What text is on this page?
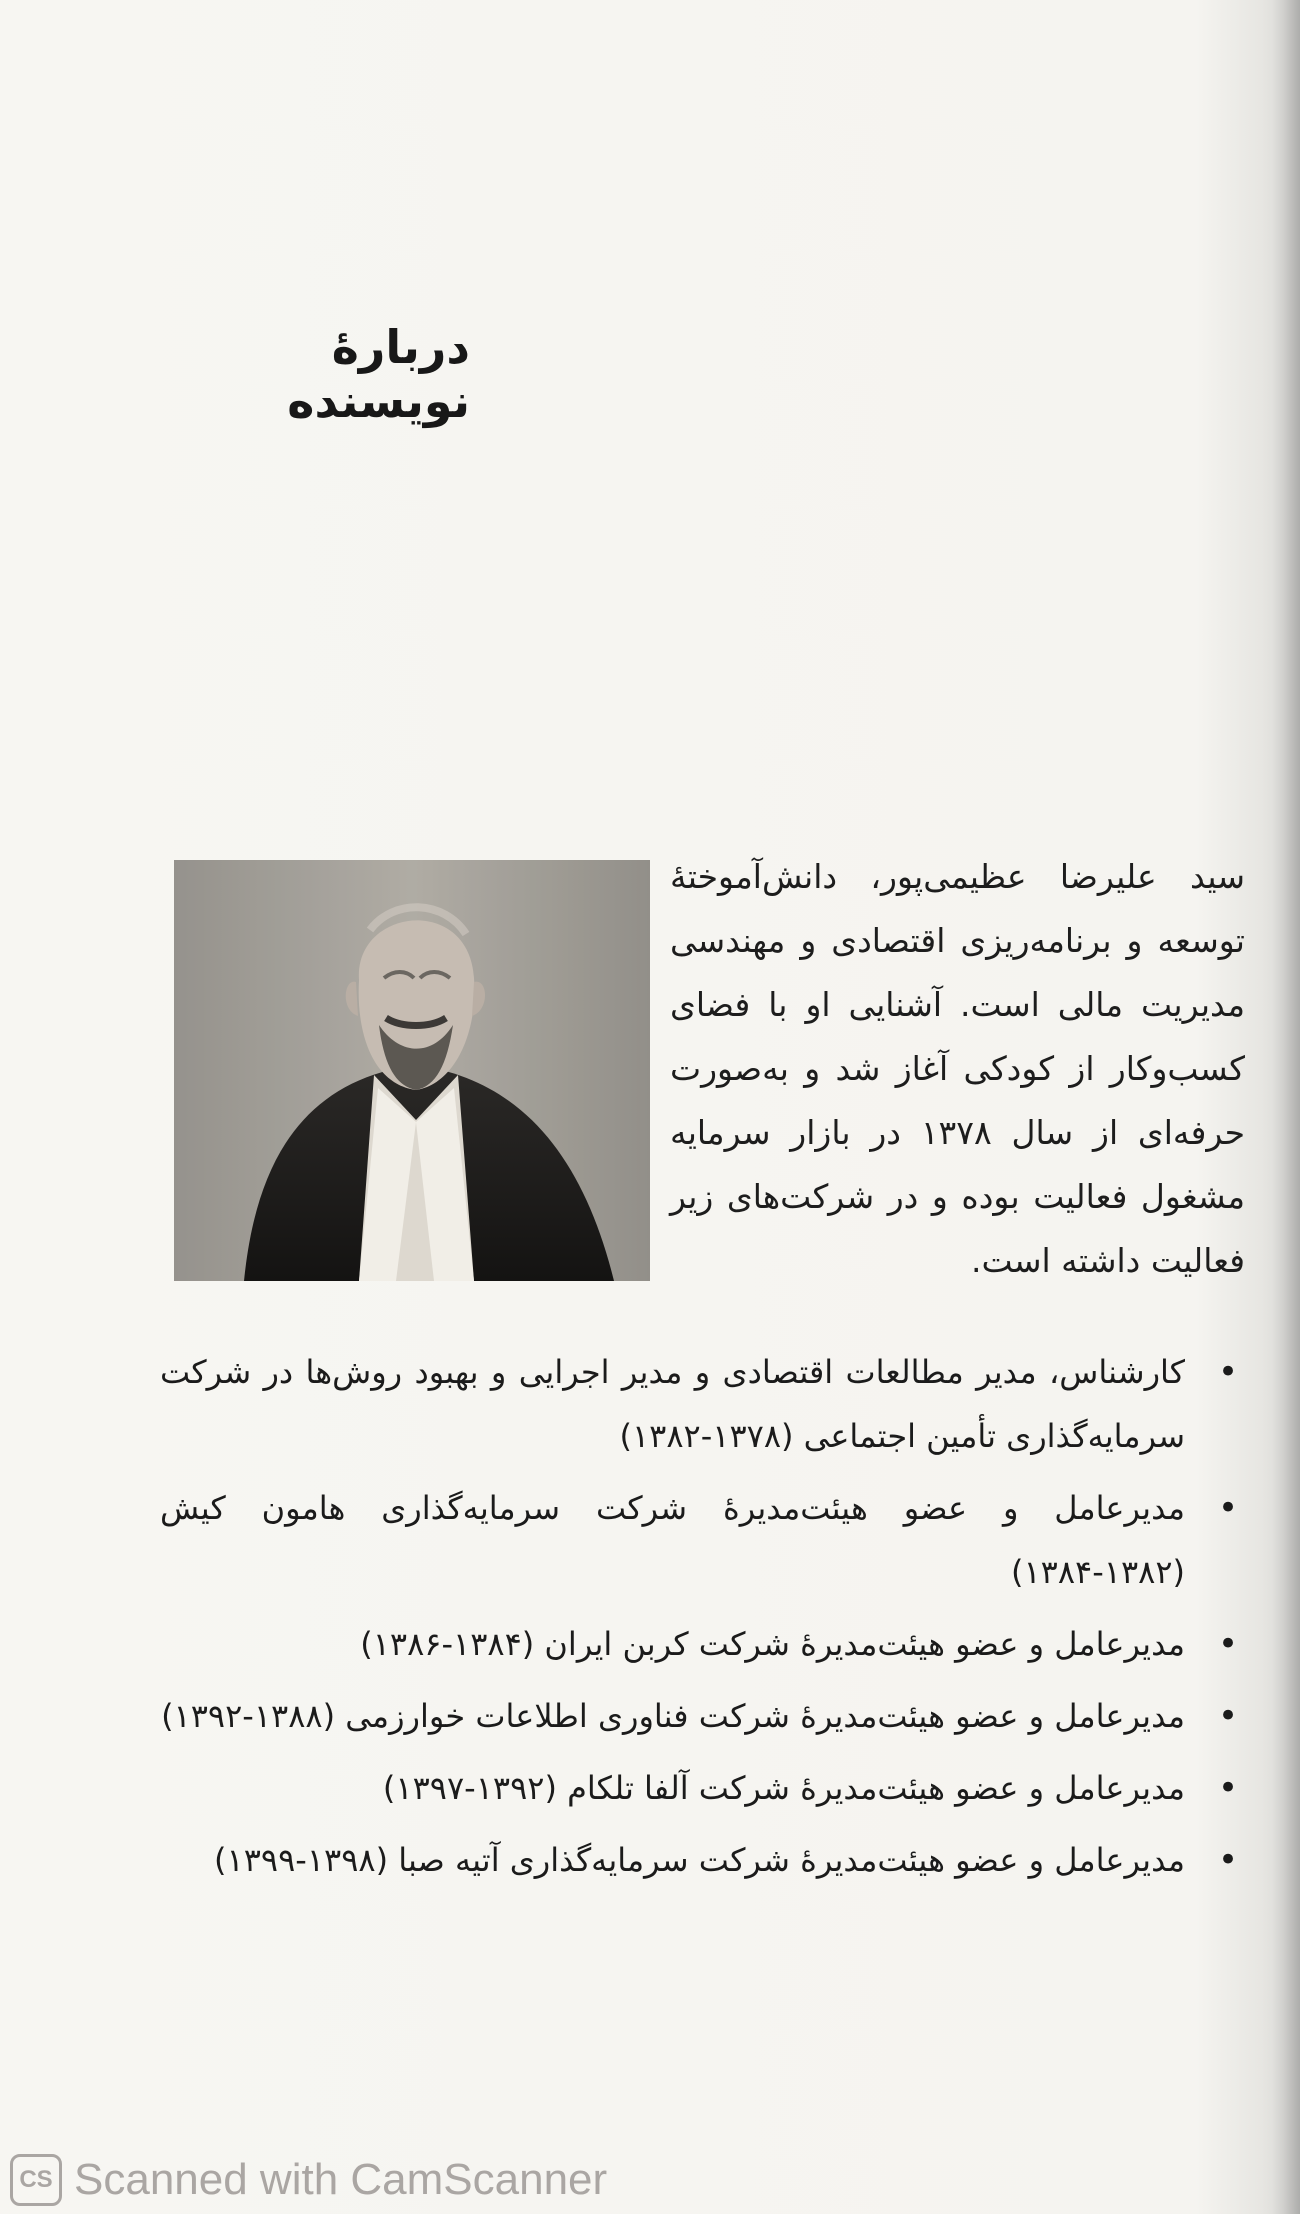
دربارهٔ نویسنده
سید علیرضا عظیمی‌پور، دانش‌آموختهٔ توسعه و برنامه‌ریزی اقتصادی و مهندسی مدیریت مالی است. آشنایی او با فضای کسب‌وکار از کودکی آغاز شد و به‌صورت حرفه‌ای از سال ۱۳۷۸ در بازار سرمایه مشغول فعالیت بوده و در شرکت‌های زیر فعالیت داشته است.
• کارشناس، مدیر مطالعات اقتصادی و مدیر اجرایی و بهبود روش‌ها در شرکت سرمایه‌گذاری تأمین اجتماعی (۱۳۷۸-۱۳۸۲)
• مدیرعامل و عضو هیئت‌مدیرهٔ شرکت سرمایه‌گذاری هامون کیش (۱۳۸۲-۱۳۸۴)
• مدیرعامل و عضو هیئت‌مدیرهٔ شرکت کربن ایران (۱۳۸۴-۱۳۸۶)
• مدیرعامل و عضو هیئت‌مدیرهٔ شرکت فناوری اطلاعات خوارزمی (۱۳۸۸-۱۳۹۲)
• مدیرعامل و عضو هیئت‌مدیرهٔ شرکت آلفا تلکام (۱۳۹۲-۱۳۹۷)
• مدیرعامل و عضو هیئت‌مدیرهٔ شرکت سرمایه‌گذاری آتیه صبا (۱۳۹۸-۱۳۹۹)
CS Scanned with CamScanner
